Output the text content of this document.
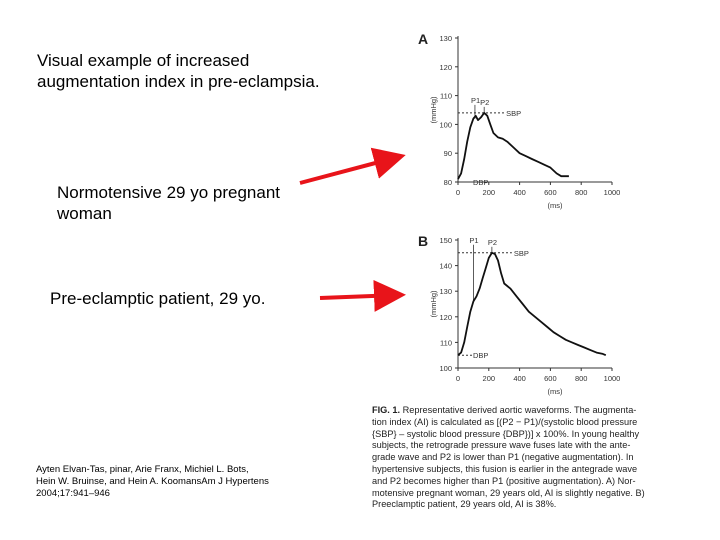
Visual example of increased
augmentation index in pre-eclampsia.
Normotensive 29 yo pregnant
woman
Pre-eclamptic patient, 29 yo.
Ayten Elvan-Tas, pinar, Arie Franx, Michiel L. Bots,
Hein W. Bruinse, and Hein A. KoomansAm J Hypertens
2004;17:941–946
FIG. 1. Representative derived aortic waveforms. The augmenta-
tion index (AI) is calculated as [(P2 − P1)/(systolic blood pressure
{SBP} – systolic blood pressure {DBP})] x 100%. In young healthy
subjects, the retrograde pressure wave fuses late with the ante-
grade wave and P2 is lower than P1 (negative augmentation). In
hypertensive subjects, this fusion is earlier in the antegrade wave
and P2 becomes higher than P1 (positive augmentation). A) Nor-
motensive pregnant woman, 29 years old, AI is slightly negative. B)
Preeclamptic patient, 29 years old, AI is 38%.
A
80
90
100
110
120
130
0	200 400 600 800 1000
(ms)
(mmHg)	SBP
DBP
P1 P2
B
100
110
120
130
140
150
0	200 400 600 800 1000
(ms)
(mmHg)
SBP
DBP
P1 P2
